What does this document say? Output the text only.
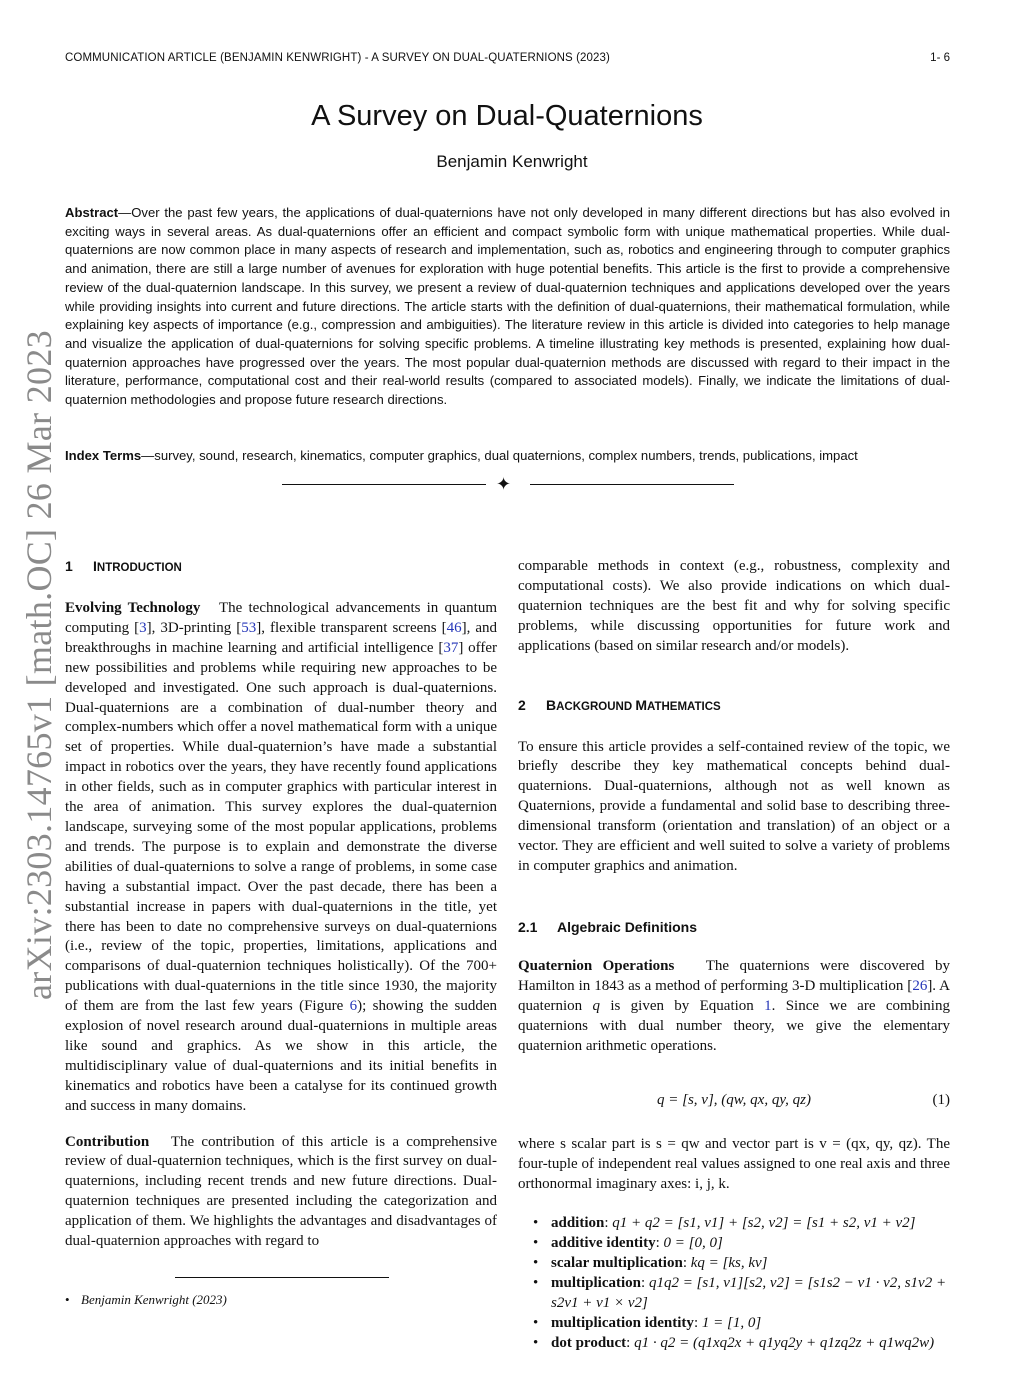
COMMUNICATION ARTICLE (BENJAMIN KENWRIGHT) - A SURVEY ON DUAL-QUATERNIONS (2023)	1- 6
arXiv:2303.14765v1 [math.OC] 26 Mar 2023
A Survey on Dual-Quaternions
Benjamin Kenwright
Abstract—Over the past few years, the applications of dual-quaternions have not only developed in many different directions but has also evolved in exciting ways in several areas. As dual-quaternions offer an efficient and compact symbolic form with unique mathematical properties. While dual-quaternions are now common place in many aspects of research and implementation, such as, robotics and engineering through to computer graphics and animation, there are still a large number of avenues for exploration with huge potential benefits. This article is the first to provide a comprehensive review of the dual-quaternion landscape. In this survey, we present a review of dual-quaternion techniques and applications developed over the years while providing insights into current and future directions. The article starts with the definition of dual-quaternions, their mathematical formulation, while explaining key aspects of importance (e.g., compression and ambiguities). The literature review in this article is divided into categories to help manage and visualize the application of dual-quaternions for solving specific problems. A timeline illustrating key methods is presented, explaining how dual-quaternion approaches have progressed over the years. The most popular dual-quaternion methods are discussed with regard to their impact in the literature, performance, computational cost and their real-world results (compared to associated models). Finally, we indicate the limitations of dual-quaternion methodologies and propose future research directions.
Index Terms—survey, sound, research, kinematics, computer graphics, dual quaternions, complex numbers, trends, publications, impact
✦
1 INTRODUCTION

Evolving Technology The technological advancements in quantum computing [3], 3D-printing [53], flexible transparent screens [46], and breakthroughs in machine learning and artificial intelligence [37] offer new possibilities and problems while requiring new approaches to be developed and investigated. One such approach is dual-quaternions. Dual-quaternions are a combination of dual-number theory and complex-numbers which offer a novel mathematical form with a unique set of properties. While dual-quaternion’s have made a substantial impact in robotics over the years, they have recently found applications in other fields, such as in computer graphics with particular interest in the area of animation. This survey explores the dual-quaternion landscape, surveying some of the most popular applications, problems and trends. The purpose is to explain and demonstrate the diverse abilities of dual-quaternions to solve a range of problems, in some case having a substantial impact. Over the past decade, there has been a substantial increase in papers with dual-quaternions in the title, yet there has been to date no comprehensive surveys on dual-quaternions (i.e., review of the topic, properties, limitations, applications and comparisons of dual-quaternion techniques holistically). Of the 700+ publications with dual-quaternions in the title since 1930, the majority of them are from the last few years (Figure 6); showing the sudden explosion of novel research around dual-quaternions in multiple areas like sound and graphics. As we show in this article, the multidisciplinary value of dual-quaternions and its initial benefits in kinematics and robotics have been a catalyse for its continued growth and success in many domains.

Contribution The contribution of this article is a comprehensive review of dual-quaternion techniques, which is the first survey on dual-quaternions, including recent trends and new future directions. Dual-quaternion techniques are presented including the categorization and application of them. We highlights the advantages and disadvantages of dual-quaternion approaches with regard to

• Benjamin Kenwright (2023)

comparable methods in context (e.g., robustness, complexity and computational costs). We also provide indications on which dual-quaternion techniques are the best fit and why for solving specific problems, while discussing opportunities for future work and applications (based on similar research and/or models).

2 BACKGROUND MATHEMATICS

To ensure this article provides a self-contained review of the topic, we briefly describe they key mathematical concepts behind dual-quaternions. Dual-quaternions, although not as well known as Quaternions, provide a fundamental and solid base to describing three-dimensional transform (orientation and translation) of an object or a vector. They are efficient and well suited to solve a variety of problems in computer graphics and animation.

2.1 Algebraic Definitions

Quaternion Operations The quaternions were discovered by Hamilton in 1843 as a method of performing 3-D multiplication [26]. A quaternion q is given by Equation 1. Since we are combining quaternions with dual number theory, we give the elementary quaternion arithmetic operations.

q = [s, v], (qw, qx, qy, qz)	(1)

where s scalar part is s = qw and vector part is v = (qx, qy, qz). The four-tuple of independent real values assigned to one real axis and three orthonormal imaginary axes: i, j, k.

• addition: q1 + q2 = [s1, v1] + [s2, v2] = [s1 + s2, v1 + v2]
• additive identity: 0 = [0, 0]
• scalar multiplication: kq = [ks, kv]
• multiplication: q1q2 = [s1, v1][s2, v2] = [s1s2 − v1 · v2, s1v2 + s2v1 + v1 × v2]
• multiplication identity: 1 = [1, 0]
• dot product: q1 · q2 = (q1xq2x + q1yq2y + q1zq2z + q1wq2w)
